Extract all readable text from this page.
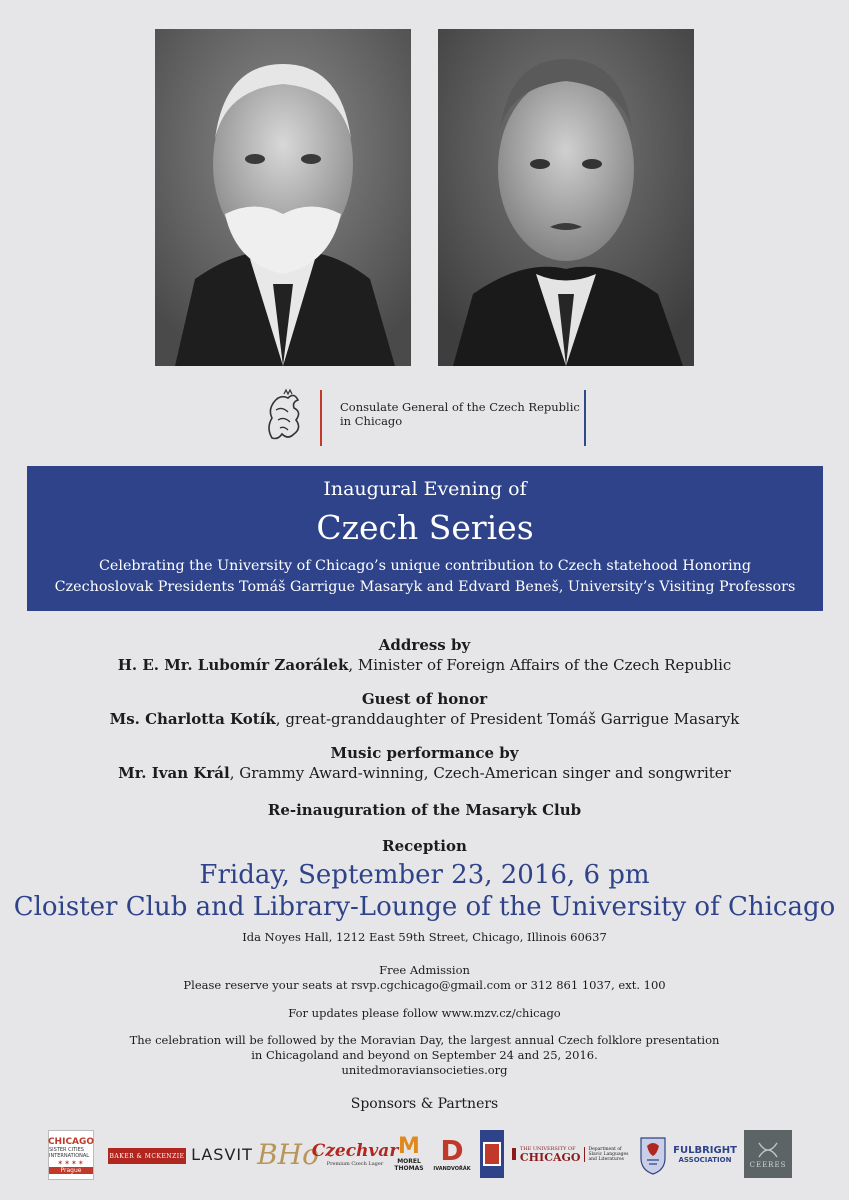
Consulate General of the Czech Republic
in Chicago
Inaugural Evening of
Czech Series
Celebrating the University of Chicago’s unique contribution to Czech statehood Honoring
Czechoslovak Presidents Tomáš Garrigue Masaryk and Edvard Beneš, University’s Visiting Professors
Address by
H. E. Mr. Lubomír Zaorálek, Minister of Foreign Affairs of the Czech Republic
Guest of honor
Ms. Charlotta Kotík, great-granddaughter of President Tomáš Garrigue Masaryk
Music performance by
Mr. Ivan Král, Grammy Award-winning, Czech-American singer and songwriter
Re-inauguration of the Masaryk Club
Reception
Friday, September 23, 2016, 6 pm
Cloister Club and Library-Lounge of the University of Chicago
Ida Noyes Hall, 1212 East 59th Street, Chicago, Illinois 60637
Free Admission
Please reserve your seats at rsvp.cgchicago@gmail.com or 312 861 1037, ext. 100
For updates please follow www.mzv.cz/chicago
The celebration will be followed by the Moravian Day, the largest annual Czech folklore presentation
in Chicagoland and beyond on September 24 and 25, 2016.
unitedmoraviansocieties.org
Sponsors & Partners
CHICAGO
SISTER CITIES INTERNATIONAL
✶✶✶✶
Prague
BAKER & MCKENZIE LASVIT BHo
Czechvar
Premium Czech Lager
M
MOREL
THOMAS
D
IVANDVOŘÁK
THE UNIVERSITY OF
CHICAGO
Department of Slavic Languages and Literatures
FULBRIGHT
ASSOCIATION
CEERES
